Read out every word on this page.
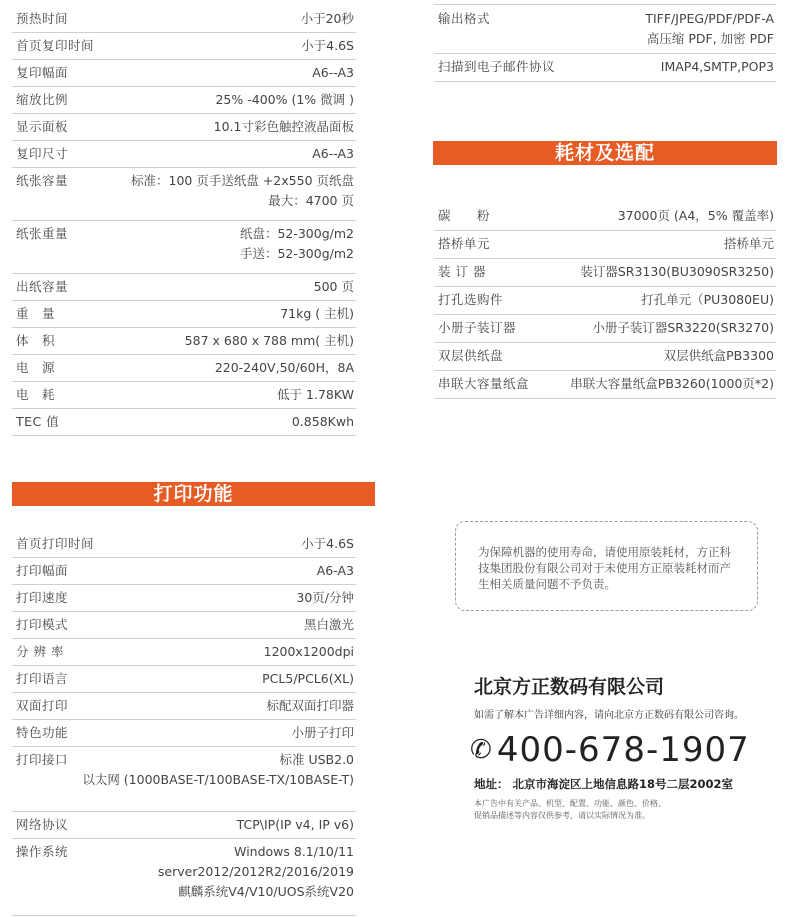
预热时间	小于20秒
首页复印时间	小于4.6S
复印幅面	A6--A3
缩放比例	25% -400% (1% 微调 )
显示面板	10.1寸彩色触控液晶面板
复印尺寸	A6--A3
纸张容量	标准：100 页手送纸盘 +2x550 页纸盘
最大：4700 页
纸张重量	纸盘：52-300g/m2
手送：52-300g/m2
出纸容量	500 页
重　量	71kg ( 主机)
体　积	587 x 680 x 788 mm( 主机)
电　源	220-240V,50/60H，8A
电　耗	低于 1.78KW
TEC 值	0.858Kwh
打印功能
首页打印时间	小于4.6S
打印幅面	A6-A3
打印速度	30页/分钟
打印模式	黑白激光
分 辨 率	1200x1200dpi
打印语言	PCL5/PCL6(XL)
双面打印	标配双面打印器
特色功能	小册子打印
打印接口	标准 USB2.0
以太网 (1000BASE-T/100BASE-TX/10BASE-T)
网络协议	TCP\IP(IP v4, IP v6)
操作系统	Windows 8.1/10/11
server2012/2012R2/2016/2019
麒麟系统V4/V10/UOS系统V20
输出格式	TIFF/JPEG/PDF/PDF-A
高压缩 PDF, 加密 PDF
扫描到电子邮件协议	IMAP4,SMTP,POP3
耗材及选配
碳　　粉	37000页 (A4，5% 覆盖率)
搭桥单元	搭桥单元
装 订 器	装订器SR3130(BU3090SR3250)
打孔选购件	打孔单元（PU3080EU)
小册子装订器	小册子装订器SR3220(SR3270)
双层供纸盘	双层供纸盒PB3300
串联大容量纸盒	串联大容量纸盒PB3260(1000页*2)
为保障机器的使用寿命，请使用原装耗材，方正科技集团股份有限公司对于未使用方正原装耗材而产生相关质量问题不予负责。
北京方正数码有限公司
如需了解本广告详细内容，请向北京方正数码有限公司咨询。
✆ 400-678-1907
地址： 北京市海淀区上地信息路18号二层2002室
本广告中有关产品、机型、配置、功能、颜色、价格、
促销品描述等内容仅供参考，请以实际情况为准。
